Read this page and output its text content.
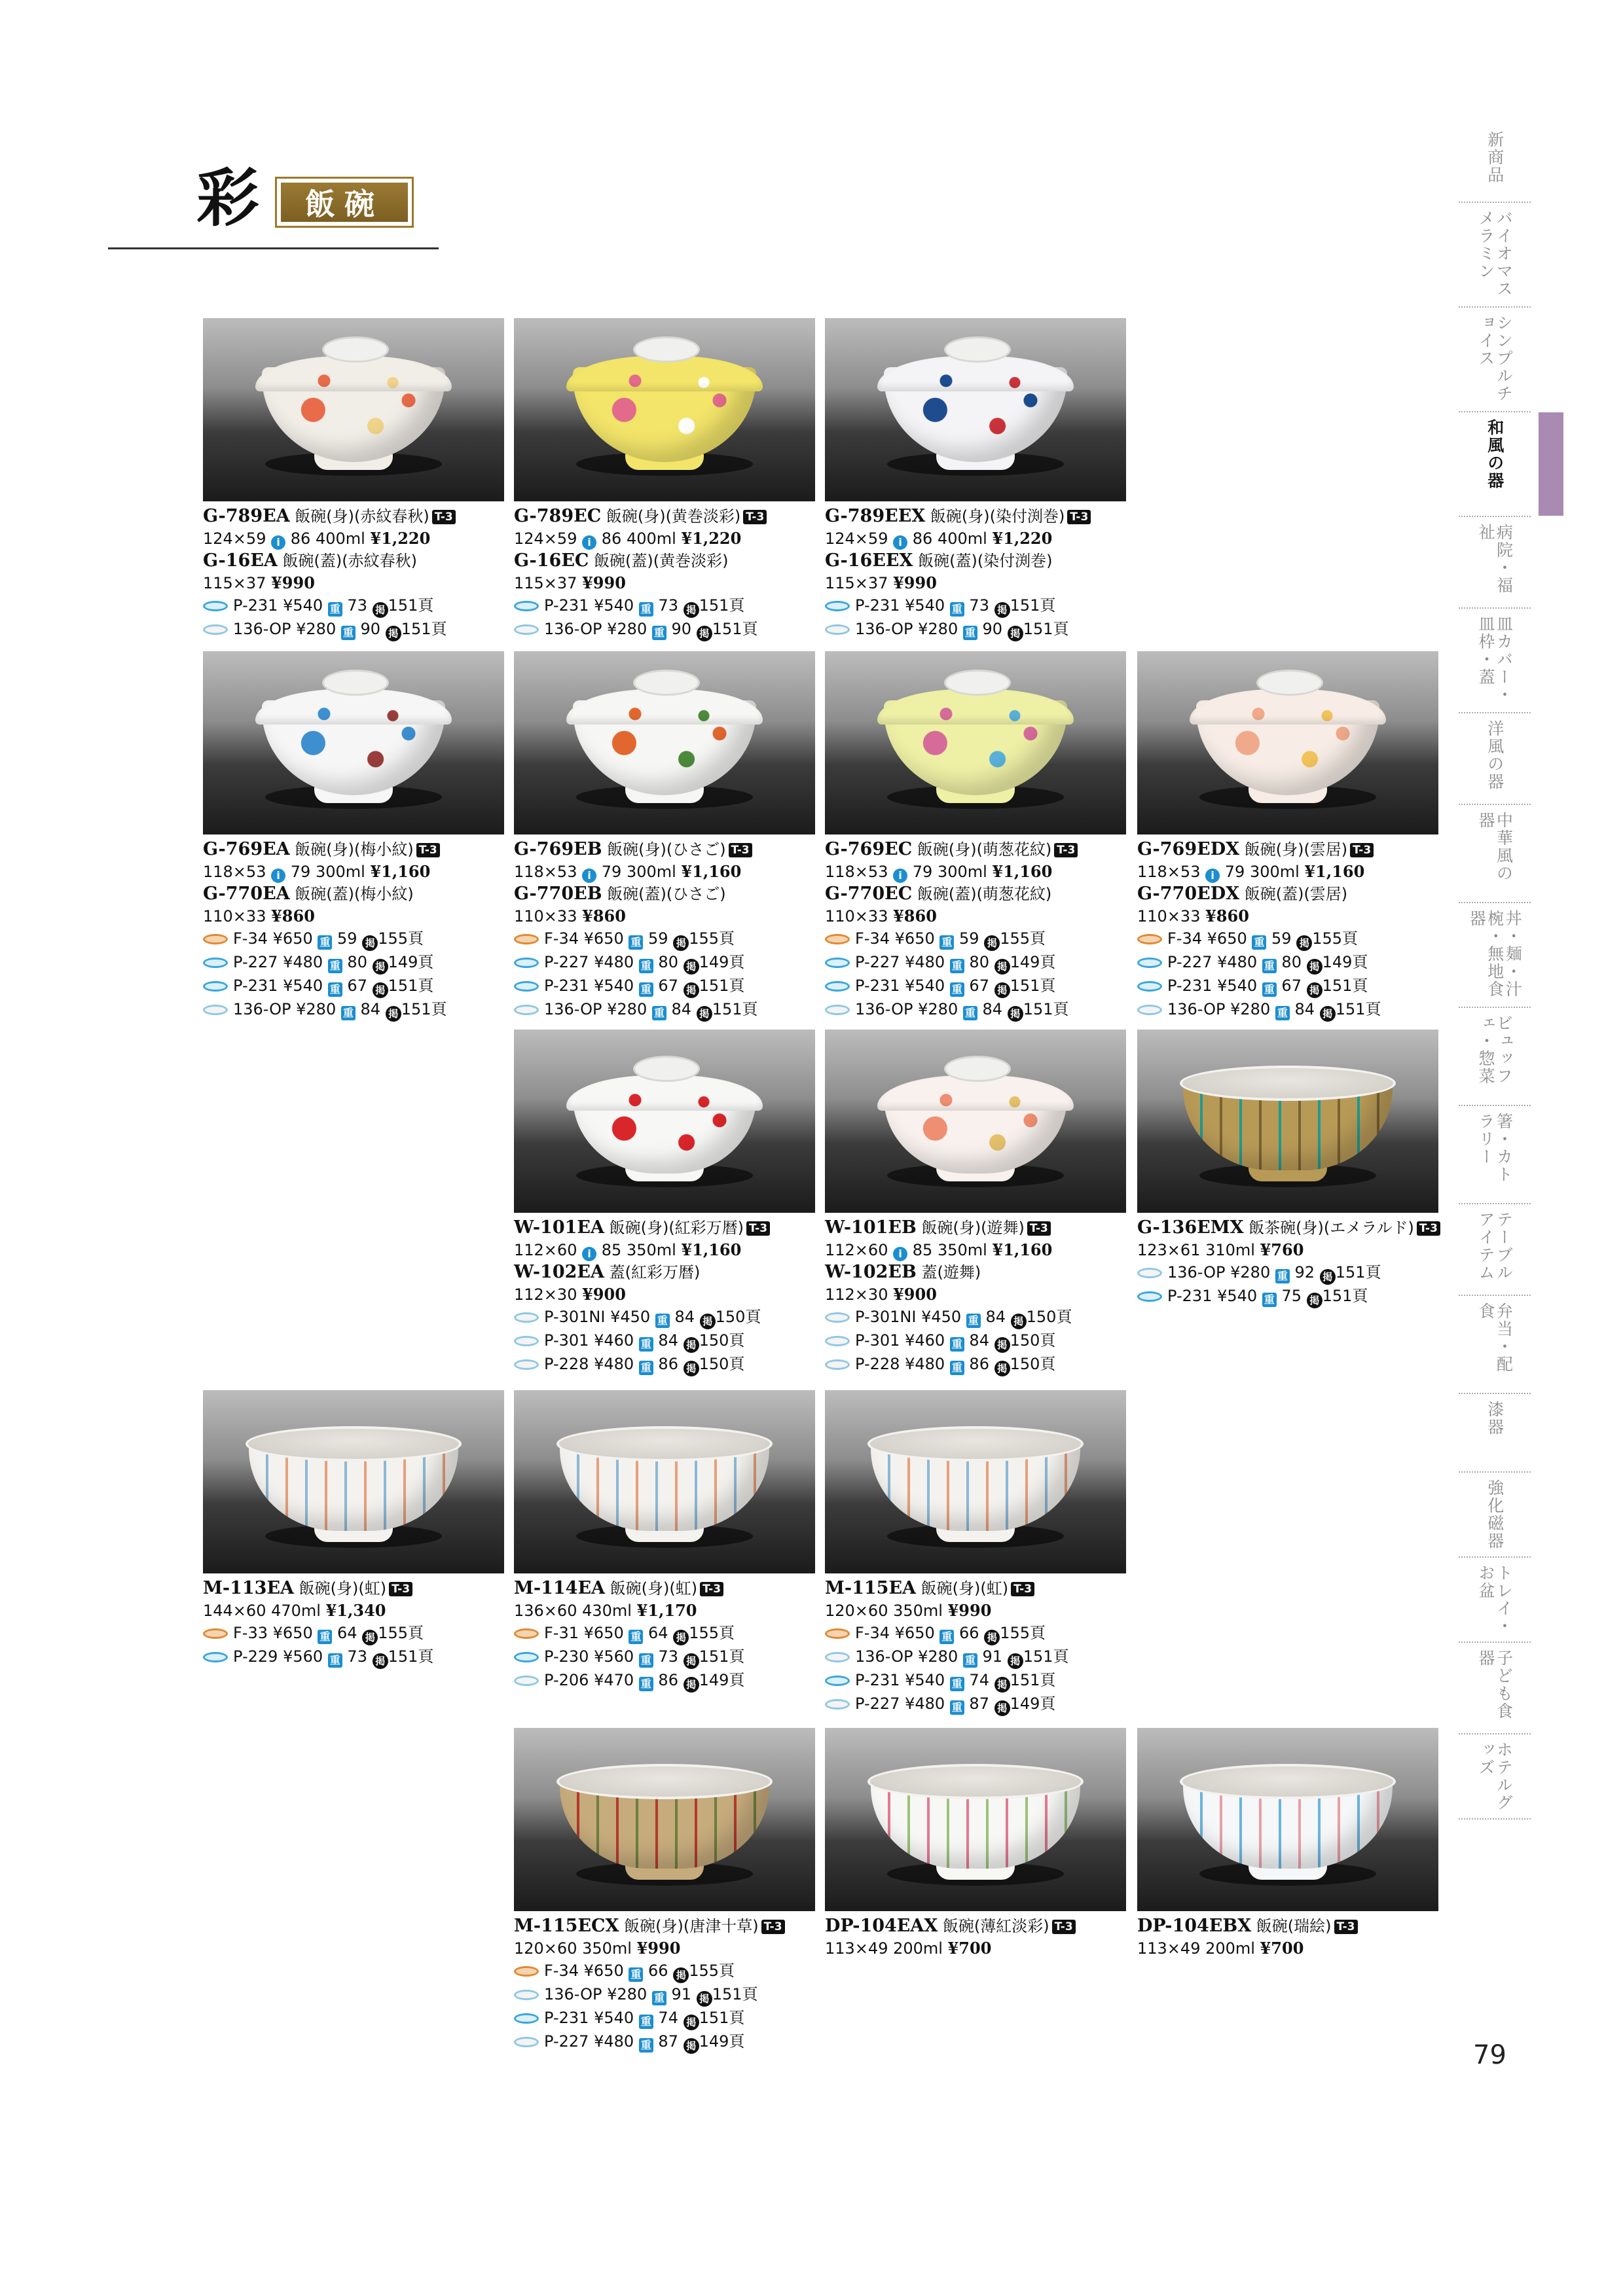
彩	飯碗
新商品
バイオマスメラミン
シンプルチョイス
和風の器
病院・福祉
皿カバー・皿枠・蓋
洋風の器
中華風の器
丼・麺・汁椀・無地食器
ビュッフェ・惣菜
箸・カトラリー
テーブルアイテム
弁当・配食
漆器
強化磁器
トレイ・お盆
子ども食器
ホテルグッズ
79
G-789EA 飯碗(身)(赤紋春秋) T-3
124×59 i 86 400ml ¥1,220
G-16EA 飯碗(蓋)(赤紋春秋)
115×37 ¥990
P-231 ¥540 重 73 掲 151頁
136-OP ¥280 重 90 掲 151頁
G-789EC 飯碗(身)(黄巻淡彩) T-3
124×59 i 86 400ml ¥1,220
G-16EC 飯碗(蓋)(黄巻淡彩)
115×37 ¥990
P-231 ¥540 重 73 掲 151頁
136-OP ¥280 重 90 掲 151頁
G-789EEX 飯碗(身)(染付渕巻) T-3
124×59 i 86 400ml ¥1,220
G-16EEX 飯碗(蓋)(染付渕巻)
115×37 ¥990
P-231 ¥540 重 73 掲 151頁
136-OP ¥280 重 90 掲 151頁
G-769EA 飯碗(身)(梅小紋) T-3
118×53 i 79 300ml ¥1,160
G-770EA 飯碗(蓋)(梅小紋)
110×33 ¥860
F-34 ¥650 重 59 掲 155頁
P-227 ¥480 重 80 掲 149頁
P-231 ¥540 重 67 掲 151頁
136-OP ¥280 重 84 掲 151頁
G-769EB 飯碗(身)(ひさご) T-3
118×53 i 79 300ml ¥1,160
G-770EB 飯碗(蓋)(ひさご)
110×33 ¥860
F-34 ¥650 重 59 掲 155頁
P-227 ¥480 重 80 掲 149頁
P-231 ¥540 重 67 掲 151頁
136-OP ¥280 重 84 掲 151頁
G-769EC 飯碗(身)(萌葱花紋) T-3
118×53 i 79 300ml ¥1,160
G-770EC 飯碗(蓋)(萌葱花紋)
110×33 ¥860
F-34 ¥650 重 59 掲 155頁
P-227 ¥480 重 80 掲 149頁
P-231 ¥540 重 67 掲 151頁
136-OP ¥280 重 84 掲 151頁
G-769EDX 飯碗(身)(雲居) T-3
118×53 i 79 300ml ¥1,160
G-770EDX 飯碗(蓋)(雲居)
110×33 ¥860
F-34 ¥650 重 59 掲 155頁
P-227 ¥480 重 80 掲 149頁
P-231 ¥540 重 67 掲 151頁
136-OP ¥280 重 84 掲 151頁
W-101EA 飯碗(身)(紅彩万暦) T-3
112×60 i 85 350ml ¥1,160
W-102EA 蓋(紅彩万暦)
112×30 ¥900
P-301NI ¥450 重 84 掲 150頁
P-301 ¥460 重 84 掲 150頁
P-228 ¥480 重 86 掲 150頁
W-101EB 飯碗(身)(遊舞) T-3
112×60 i 85 350ml ¥1,160
W-102EB 蓋(遊舞)
112×30 ¥900
P-301NI ¥450 重 84 掲 150頁
P-301 ¥460 重 84 掲 150頁
P-228 ¥480 重 86 掲 150頁
G-136EMX 飯茶碗(身)(エメラルド) T-3
123×61 310ml ¥760
136-OP ¥280 重 92 掲 151頁
P-231 ¥540 重 75 掲 151頁
M-113EA 飯碗(身)(虹) T-3
144×60 470ml ¥1,340
F-33 ¥650 重 64 掲 155頁
P-229 ¥560 重 73 掲 151頁
M-114EA 飯碗(身)(虹) T-3
136×60 430ml ¥1,170
F-31 ¥650 重 64 掲 155頁
P-230 ¥560 重 73 掲 151頁
P-206 ¥470 重 86 掲 149頁
M-115EA 飯碗(身)(虹) T-3
120×60 350ml ¥990
F-34 ¥650 重 66 掲 155頁
136-OP ¥280 重 91 掲 151頁
P-231 ¥540 重 74 掲 151頁
P-227 ¥480 重 87 掲 149頁
M-115ECX 飯碗(身)(唐津十草) T-3
120×60 350ml ¥990
F-34 ¥650 重 66 掲 155頁
136-OP ¥280 重 91 掲 151頁
P-231 ¥540 重 74 掲 151頁
P-227 ¥480 重 87 掲 149頁
DP-104EAX 飯碗(薄紅淡彩) T-3
113×49 200ml ¥700
DP-104EBX 飯碗(瑞絵) T-3
113×49 200ml ¥700
